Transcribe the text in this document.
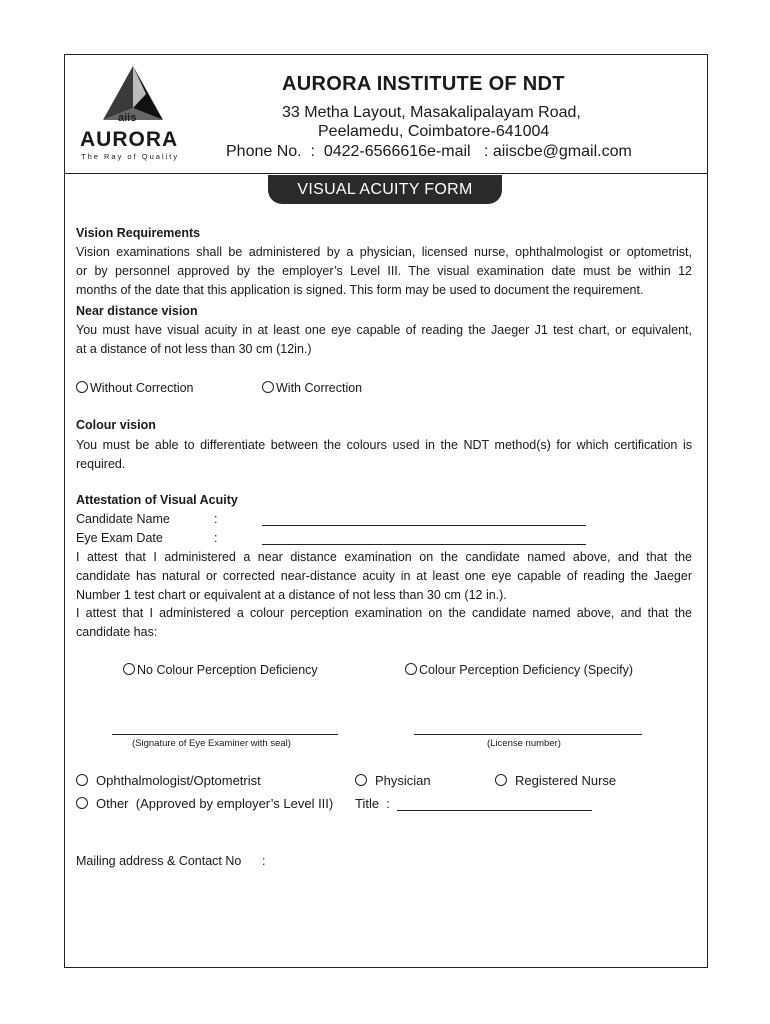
aiis
AURORA
The Ray of Quality
AURORA INSTITUTE OF NDT
33 Metha Layout, Masakalipalayam Road,
Peelamedu, Coimbatore-641004
Phone No.  :  0422-6566616e-mail   : aiiscbe@gmail.com
VISUAL ACUITY FORM
Vision Requirements
Vision examinations shall be administered by a physician, licensed nurse, ophthalmologist or optometrist,
or by personnel approved by the employer’s Level III. The visual examination date must be within 12
months of the date that this application is signed. This form may be used to document the requirement.
Near distance vision
You must have visual acuity in at least one eye capable of reading the Jaeger J1 test chart, or equivalent,
at a distance of not less than 30 cm (12in.)
Without Correction	With Correction
Colour vision
You must be able to differentiate between the colours used in the NDT method(s) for which certification is
required.
Attestation of Visual Acuity
Candidate Name	:
Eye Exam Date	:
I attest that I administered a near distance examination on the candidate named above, and that the
candidate has natural or corrected near-distance acuity in at least one eye capable of reading the Jaeger
Number 1 test chart or equivalent at a distance of not less than 30 cm (12 in.).
I attest that I administered a colour perception examination on the candidate named above, and that the
candidate has:
No Colour Perception Deficiency	Colour Perception Deficiency (Specify)
(Signature of Eye Examiner with seal)	(License number)
Ophthalmologist/Optometrist	Physician	Registered Nurse
Other  (Approved by employer’s Level III) Title  :
Mailing address & Contact No :
